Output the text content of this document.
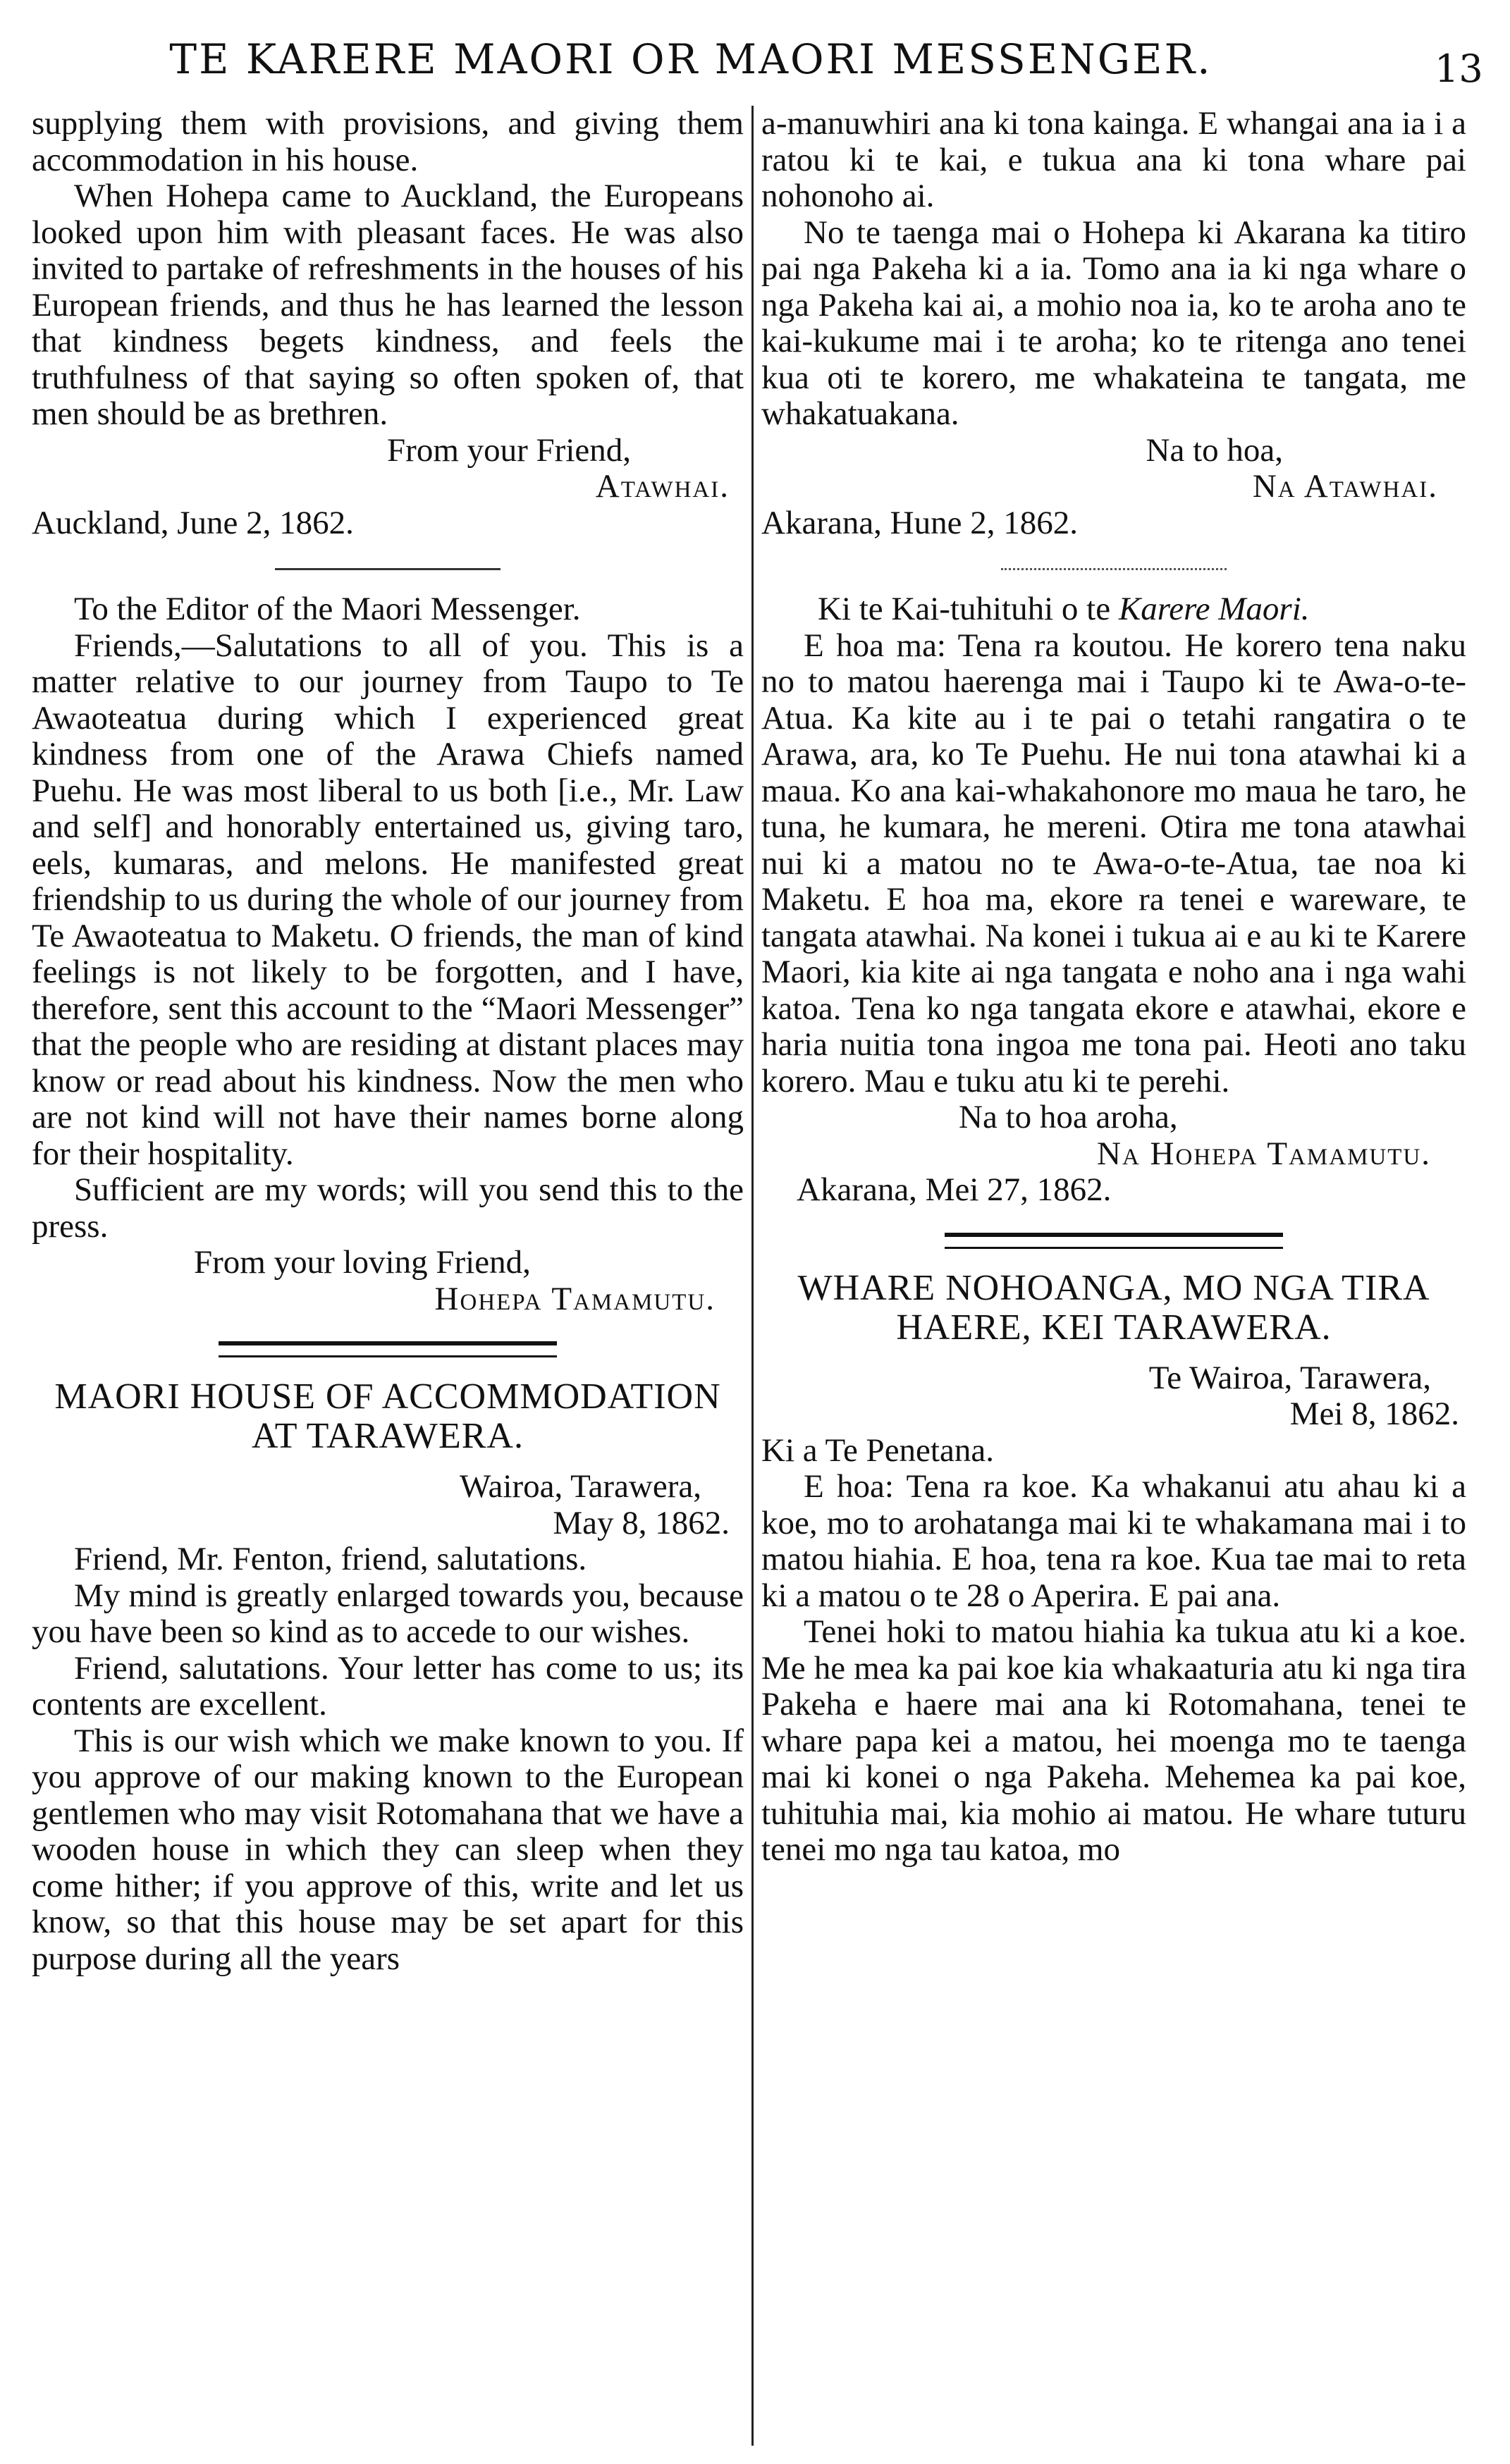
TE KARERE MAORI OR MAORI MESSENGER.	13

supplying them with provisions, and giving them accommodation in his house.

When Hohepa came to Auckland, the Europeans looked upon him with pleasant faces. He was also invited to partake of refreshments in the houses of his European friends, and thus he has learned the lesson that kindness begets kindness, and feels the truthfulness of that saying so often spoken of, that men should be as brethren.

From your Friend,

Atawhai.

Auckland, June 2, 1862.

To the Editor of the Maori Messenger.

Friends,—Salutations to all of you. This is a matter relative to our journey from Taupo to Te Awaoteatua during which I experienced great kindness from one of the Arawa Chiefs named Puehu. He was most liberal to us both [i.e., Mr. Law and self] and honorably entertained us, giving taro, eels, kumaras, and melons. He manifested great friendship to us during the whole of our journey from Te Awaoteatua to Maketu. O friends, the man of kind feelings is not likely to be forgotten, and I have, therefore, sent this account to the “Maori Messenger” that the people who are residing at distant places may know or read about his kindness. Now the men who are not kind will not have their names borne along for their hospitality.

Sufficient are my words; will you send this to the press.

From your loving Friend,

Hohepa Tamamutu.

MAORI HOUSE OF ACCOMMODATION AT TARAWERA.

Wairoa, Tarawera,

May 8, 1862.

Friend, Mr. Fenton, friend, salutations.

My mind is greatly enlarged towards you, because you have been so kind as to accede to our wishes.

Friend, salutations. Your letter has come to us; its contents are excellent.

This is our wish which we make known to you. If you approve of our making known to the European gentlemen who may visit Rotomahana that we have a wooden house in which they can sleep when they come hither; if you approve of this, write and let us know, so that this house may be set apart for this purpose during all the years

a-manuwhiri ana ki tona kainga. E whangai ana ia i a ratou ki te kai, e tukua ana ki tona whare pai nohonoho ai.

No te taenga mai o Hohepa ki Akarana ka titiro pai nga Pakeha ki a ia. Tomo ana ia ki nga whare o nga Pakeha kai ai, a mohio noa ia, ko te aroha ano te kai-kukume mai i te aroha; ko te ritenga ano tenei kua oti te korero, me whakateina te tangata, me whakatuakana.

Na to hoa,

Na Atawhai.

Akarana, Hune 2, 1862.

Ki te Kai-tuhituhi o te Karere Maori.

E hoa ma: Tena ra koutou. He korero tena naku no to matou haerenga mai i Taupo ki te Awa-o-te-Atua. Ka kite au i te pai o tetahi rangatira o te Arawa, ara, ko Te Puehu. He nui tona atawhai ki a maua. Ko ana kai-whakahonore mo maua he taro, he tuna, he kumara, he mereni. Otira me tona atawhai nui ki a matou no te Awa-o-te-Atua, tae noa ki Maketu. E hoa ma, ekore ra tenei e wareware, te tangata atawhai. Na konei i tukua ai e au ki te Karere Maori, kia kite ai nga tangata e noho ana i nga wahi katoa. Tena ko nga tangata ekore e atawhai, ekore e haria nuitia tona ingoa me tona pai. Heoti ano taku korero. Mau e tuku atu ki te perehi.

Na to hoa aroha,

Na Hohepa Tamamutu.

Akarana, Mei 27, 1862.

WHARE NOHOANGA, MO NGA TIRA HAERE, KEI TARAWERA.

Te Wairoa, Tarawera,

Mei 8, 1862.

Ki a Te Penetana.

E hoa: Tena ra koe. Ka whakanui atu ahau ki a koe, mo to arohatanga mai ki te whakamana mai i to matou hiahia. E hoa, tena ra koe. Kua tae mai to reta ki a matou o te 28 o Aperira. E pai ana.

Tenei hoki to matou hiahia ka tukua atu ki a koe. Me he mea ka pai koe kia whakaaturia atu ki nga tira Pakeha e haere mai ana ki Rotomahana, tenei te whare papa kei a matou, hei moenga mo te taenga mai ki konei o nga Pakeha. Mehemea ka pai koe, tuhituhia mai, kia mohio ai matou. He whare tuturu tenei mo nga tau katoa, mo
